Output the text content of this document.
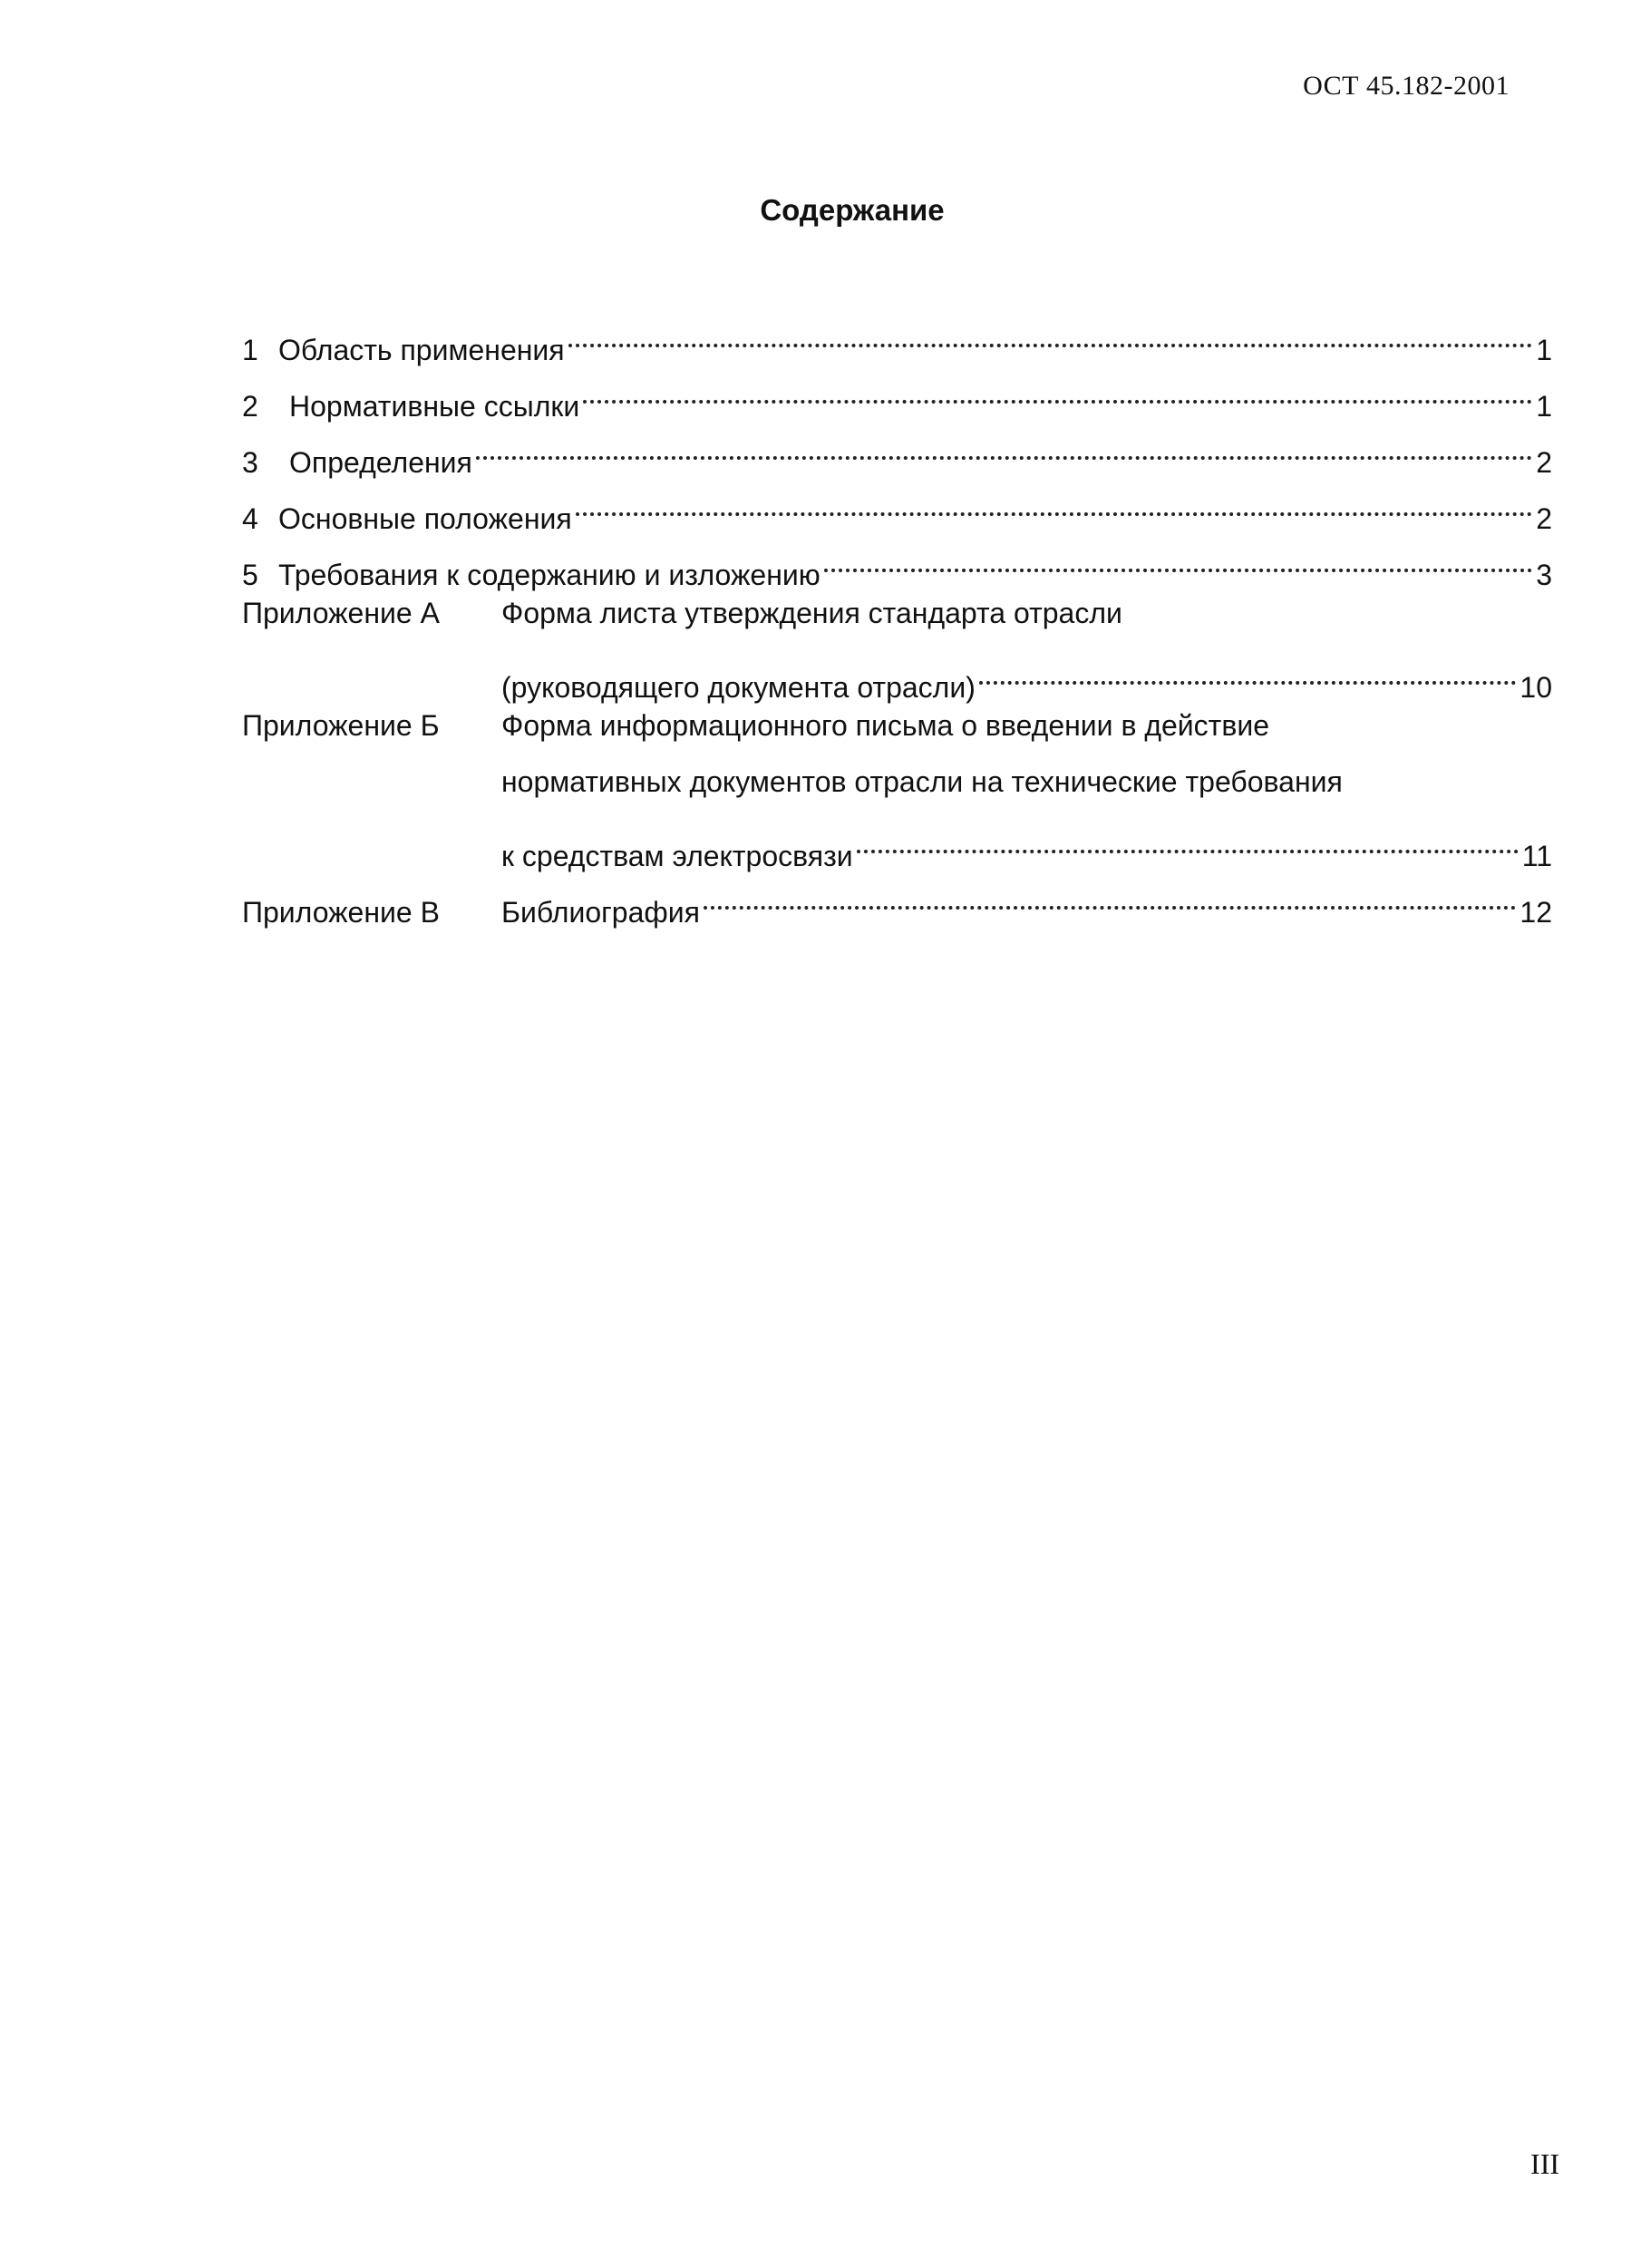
ОСТ 45.182-2001
Содержание
1 Область применения	1
2	Нормативные ссылки	1
3	Определения	2
4 Основные положения	2
5 Требования к содержанию и изложению	3
Приложение А	Форма листа утверждения стандарта отрасли
(руководящего документа отрасли)	10
Приложение Б	Форма информационного письма о введении в действие
нормативных документов отрасли на технические требования
к средствам электросвязи	11
Приложение В	Библиография	12
III
